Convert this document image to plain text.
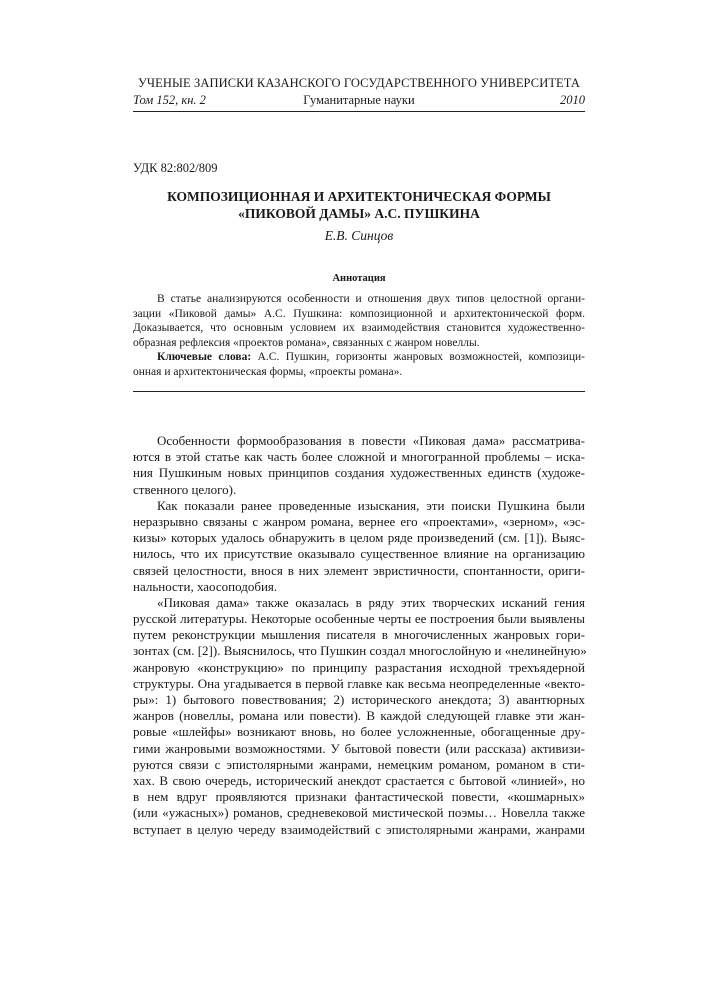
УЧЕНЫЕ ЗАПИСКИ КАЗАНСКОГО ГОСУДАРСТВЕННОГО УНИВЕРСИТЕТА
Том 152, кн. 2	Гуманитарные науки	2010
УДК 82:802/809
КОМПОЗИЦИОННАЯ И АРХИТЕКТОНИЧЕСКАЯ ФОРМЫ
«ПИКОВОЙ ДАМЫ» А.С. ПУШКИНА
Е.В. Синцов
Аннотация
В статье анализируются особенности и отношения двух типов целостной органи-
зации «Пиковой дамы» А.С. Пушкина: композиционной и архитектонической форм.
Доказывается, что основным условием их взаимодействия становится художественно-
образная рефлексия «проектов романа», связанных с жанром новеллы.
Ключевые слова: А.С. Пушкин, горизонты жанровых возможностей, композици-
онная и архитектоническая формы, «проекты романа».
Особенности формообразования в повести «Пиковая дама» рассматрива-
ются в этой статье как часть более сложной и многогранной проблемы – иска-
ния Пушкиным новых принципов создания художественных единств (художе-
ственного целого).
Как показали ранее проведенные изыскания, эти поиски Пушкина были
неразрывно связаны с жанром романа, вернее его «проектами», «зерном», «эс-
кизы» которых удалось обнаружить в целом ряде произведений (см. [1]). Выяс-
нилось, что их присутствие оказывало существенное влияние на организацию
связей целостности, внося в них элемент эвристичности, спонтанности, ориги-
нальности, хаосоподобия.
«Пиковая дама» также оказалась в ряду этих творческих исканий гения
русской литературы. Некоторые особенные черты ее построения были выявлены
путем реконструкции мышления писателя в многочисленных жанровых гори-
зонтах (см. [2]). Выяснилось, что Пушкин создал многослойную и «нелинейную»
жанровую «конструкцию» по принципу разрастания исходной трехъядерной
структуры. Она угадывается в первой главке как весьма неопределенные «векто-
ры»: 1) бытового повествования; 2) исторического анекдота; 3) авантюрных
жанров (новеллы, романа или повести). В каждой следующей главке эти жан-
ровые «шлейфы» возникают вновь, но более усложненные, обогащенные дру-
гими жанровыми возможностями. У бытовой повести (или рассказа) активизи-
руются связи с эпистолярными жанрами, немецким романом, романом в сти-
хах. В свою очередь, исторический анекдот срастается с бытовой «линией», но
в нем вдруг проявляются признаки фантастической повести, «кошмарных»
(или «ужасных») романов, средневековой мистической поэмы… Новелла также
вступает в целую череду взаимодействий с эпистолярными жанрами, жанрами
